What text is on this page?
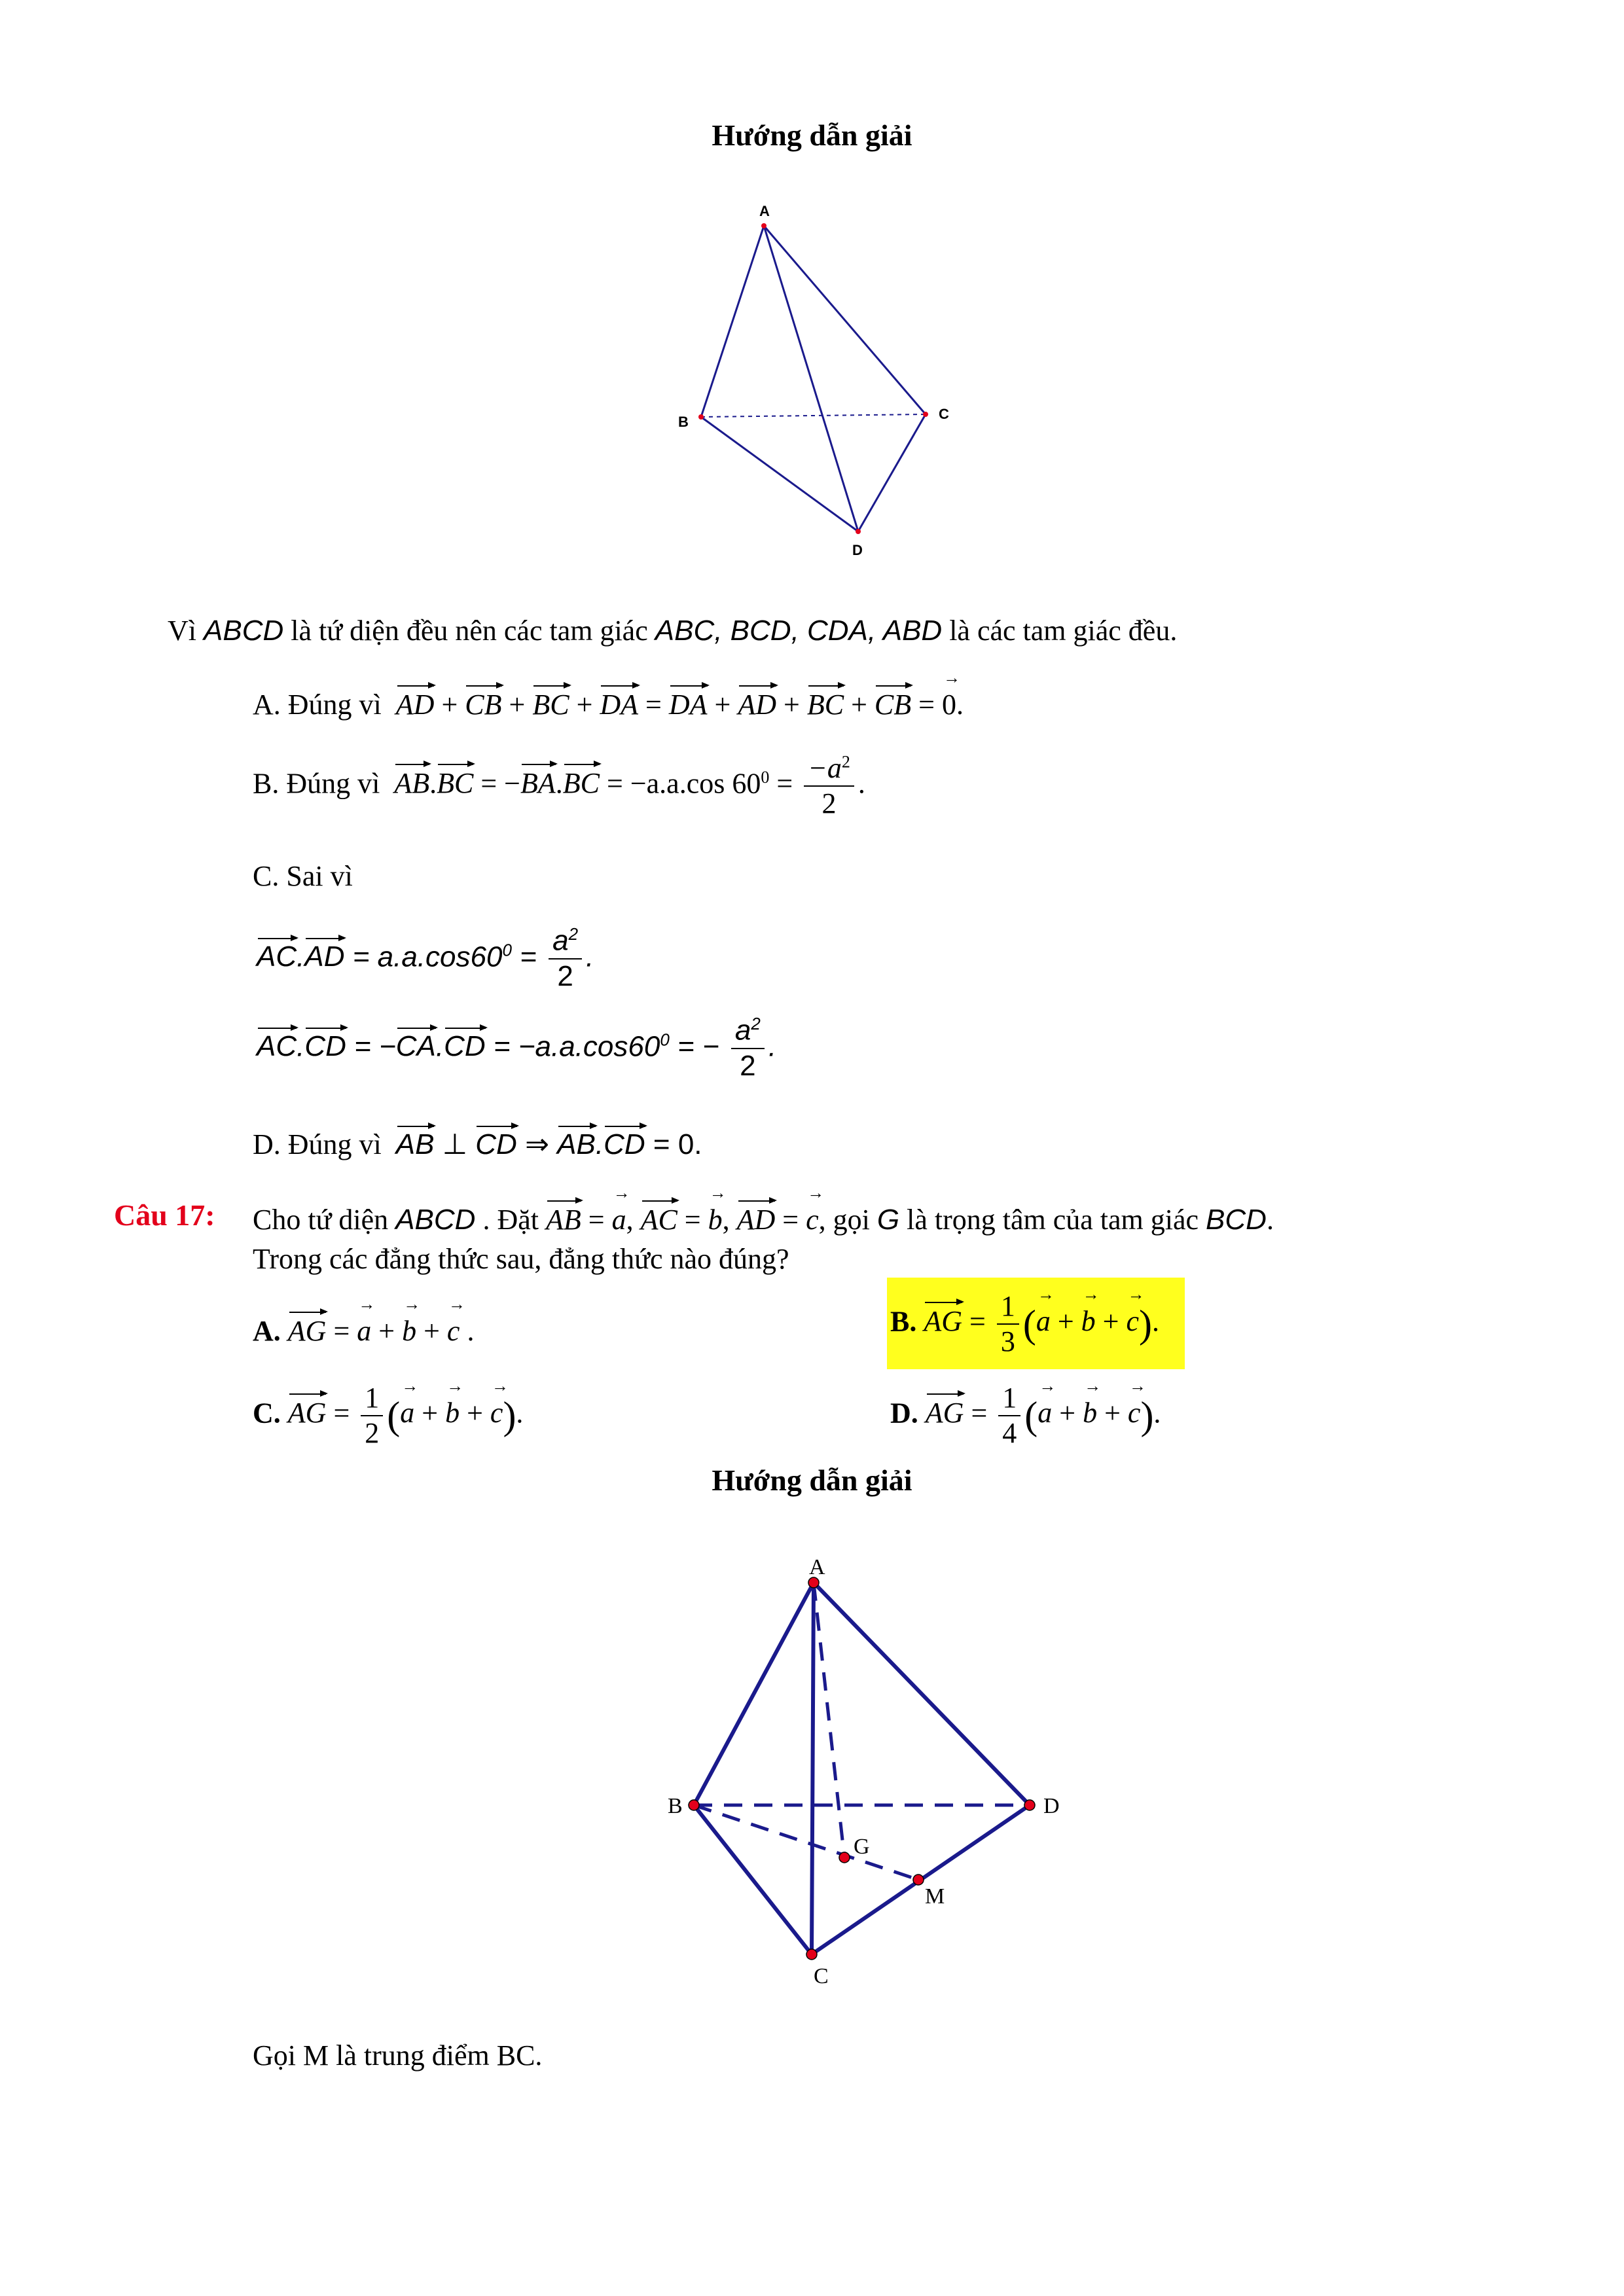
Hướng dẫn giải
A
B	C
D
Vì ABCD là tứ diện đều nên các tam giác ABC, BCD, CDA, ABD là các tam giác đều.
A. Đúng vì AD + CB + BC + DA = DA + AD + BC + CB = 0 →.
B. Đúng vì AB.BC = −BA.BC = −a.a.cos $60^0 = \frac{-a^2}{2}$ .
C. Sai vì
$AC.AD = a.a.\cos 60^0 = \frac{a^2}{2}$ .
$AC.CD = -CA.CD = -a.a.\cos 60^0$ = − $\frac{a^2}{2}$ .
D. Đúng vì AB ⊥ CD ⇒ AB.CD = 0.
Câu 17: Cho tứ diện ABCD . Đặt AB = a →, AC = b →, AD = c →, gọi G là trọng tâm của tam giác BCD.
Trong các đẳng thức sau, đẳng thức nào đúng?
A. AG = a → + b → + c → .	B. AG = $\frac{1}{3} (a$ → + b → + c →).
C. AG = $\frac{1}{2} (a$ → + b → + c →).	D. AG = $\frac{1}{4} (a$ → + b → + c →).
Hướng dẫn giải
A
B
C
D
G
M
Gọi M là trung điểm BC.
